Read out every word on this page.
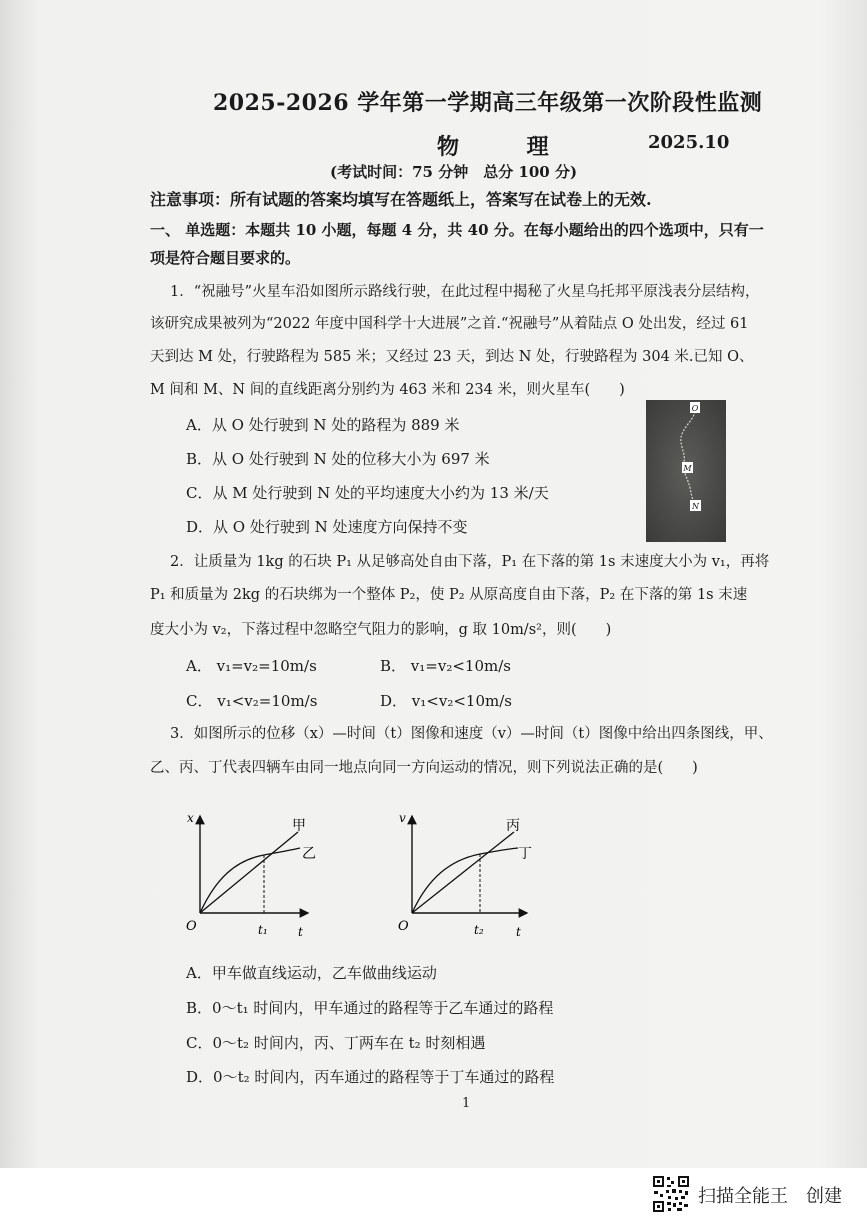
2025-2026 学年第一学期高三年级第一次阶段性监测
物 理	2025.10
(考试时间：75 分钟　总分 100 分)
注意事项：所有试题的答案均填写在答题纸上，答案写在试卷上的无效.
一、 单选题：本题共 10 小题，每题 4 分，共 40 分。在每小题给出的四个选项中，只有一
项是符合题目要求的。
1．“祝融号”火星车沿如图所示路线行驶，在此过程中揭秘了火星乌托邦平原浅表分层结构，
该研究成果被列为“2022 年度中国科学十大进展”之首.“祝融号”从着陆点 O 处出发，经过 61
天到达 M 处，行驶路程为 585 米；又经过 23 天，到达 N 处，行驶路程为 304 米.已知 O、
M 间和 M、N 间的直线距离分别约为 463 米和 234 米，则火星车(　　)
A．从 O 处行驶到 N 处的路程为 889 米
B．从 O 处行驶到 N 处的位移大小为 697 米
C．从 M 处行驶到 N 处的平均速度大小约为 13 米/天
D．从 O 处行驶到 N 处速度方向保持不变
O
M
N
2．让质量为 1kg 的石块 P₁ 从足够高处自由下落，P₁ 在下落的第 1s 末速度大小为 v₁，再将
P₁ 和质量为 2kg 的石块绑为一个整体 P₂，使 P₂ 从原高度自由下落，P₂ 在下落的第 1s 末速
度大小为 v₂，下落过程中忽略空气阻力的影响，g 取 10m/s²，则(　　)
A． v₁=v₂=10m/s	B． v₁=v₂<10m/s
C． v₁<v₂=10m/s	D． v₁<v₂<10m/s
3．如图所示的位移（x）—时间（t）图像和速度（v）—时间（t）图像中给出四条图线，甲、
乙、丙、丁代表四辆车由同一地点向同一方向运动的情况，则下列说法正确的是(　　)
x
t
O	t₁
甲
乙
v
t
O	t₂
丙
丁
A．甲车做直线运动，乙车做曲线运动
B．0～t₁ 时间内，甲车通过的路程等于乙车通过的路程
C．0～t₂ 时间内，丙、丁两车在 t₂ 时刻相遇
D．0～t₂ 时间内，丙车通过的路程等于丁车通过的路程
1
扫描全能王　创建
